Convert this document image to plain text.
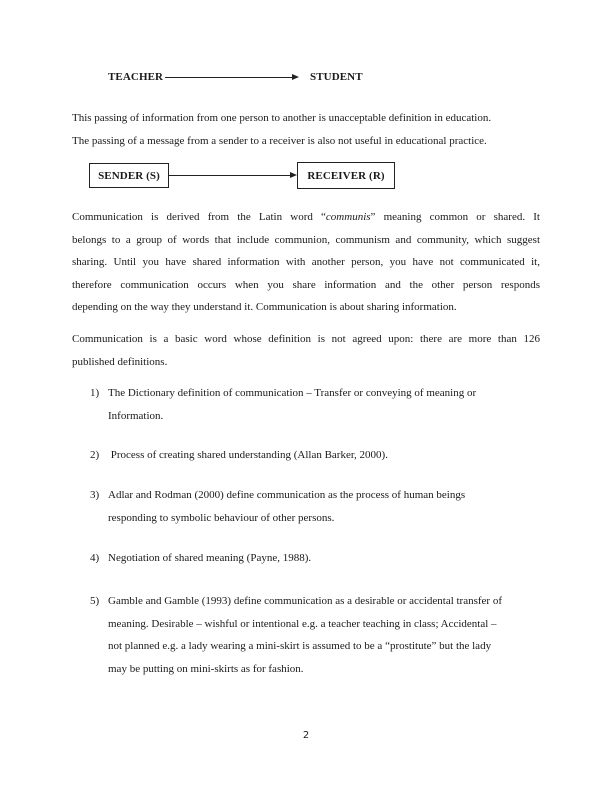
TEACHER	STUDENT
This passing of information from one person to another is unacceptable definition in education.
The passing of a message from a sender to a receiver is also not useful in educational practice.
SENDER (S)	RECEIVER (R)
Communication is derived from the Latin word “communis” meaning common or shared. It
belongs to a group of words that include communion, communism and community, which suggest
sharing. Until you have shared information with another person, you have not communicated it,
therefore communication occurs when you share information and the other person responds
depending on the way they understand it. Communication is about sharing information.
Communication is a basic word whose definition is not agreed upon: there are more than 126
published definitions.
1) The Dictionary definition of communication – Transfer or conveying of meaning or
Information.
2) Process of creating shared understanding (Allan Barker, 2000).
3) Adlar and Rodman (2000) define communication as the process of human beings
responding to symbolic behaviour of other persons.
4) Negotiation of shared meaning (Payne, 1988).
5) Gamble and Gamble (1993) define communication as a desirable or accidental transfer of
meaning. Desirable – wishful or intentional e.g. a teacher teaching in class; Accidental –
not planned e.g. a lady wearing a mini-skirt is assumed to be a “prostitute” but the lady
may be putting on mini-skirts as for fashion.
2
